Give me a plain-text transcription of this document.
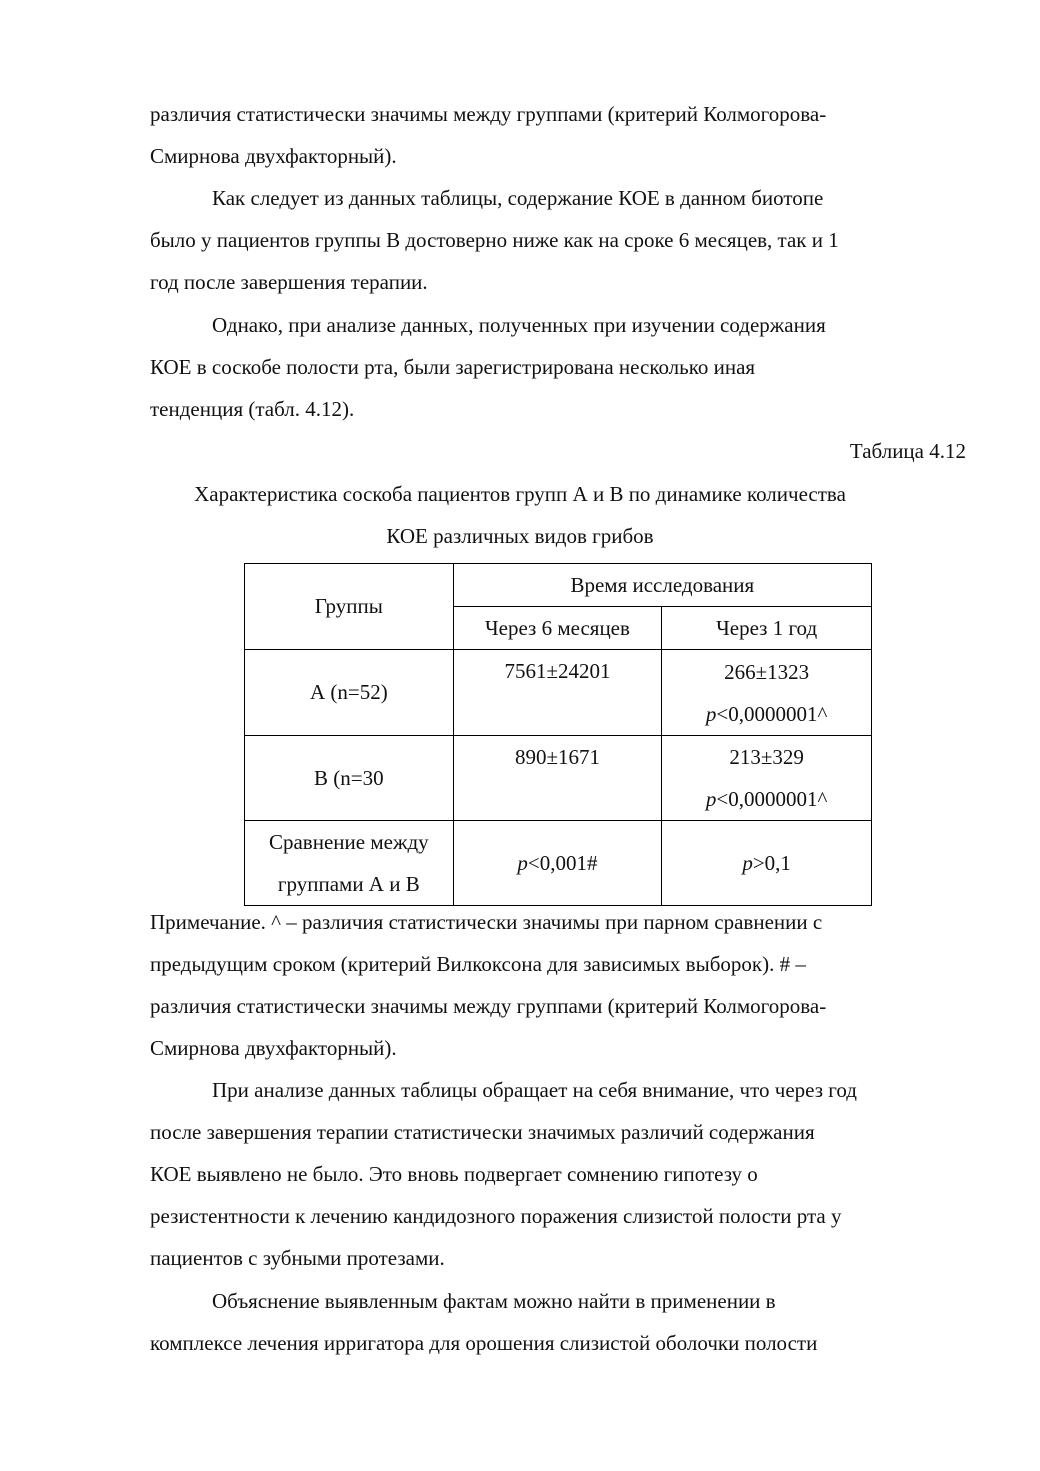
различия статистически значимы между группами (критерий Колмогорова-
Смирнова двухфакторный).
Как следует из данных таблицы, содержание КОЕ в данном биотопе
было у пациентов группы В достоверно ниже как на сроке 6 месяцев, так и 1
год после завершения терапии.
Однако, при анализе данных, полученных при изучении содержания
КОЕ в соскобе полости рта, были зарегистрирована несколько иная
тенденция (табл. 4.12).
Таблица 4.12
Характеристика соскоба пациентов групп А и В по динамике количества
КОЕ различных видов грибов
Группы	Время исследования	
	Через 6 месяцев	Через 1 год
А (n=52)	7561±24201	266±1323
p<0,0000001^

В (n=30	890±1671	213±329
p<0,0000001^

Сравнение между
группами А и В	p<0,001#	p>0,1
Примечание. ^ – различия статистически значимы при парном сравнении с
предыдущим сроком (критерий Вилкоксона для зависимых выборок). # –
различия статистически значимы между группами (критерий Колмогорова-
Смирнова двухфакторный).
При анализе данных таблицы обращает на себя внимание, что через год
после завершения терапии статистически значимых различий содержания
КОЕ выявлено не было. Это вновь подвергает сомнению гипотезу о
резистентности к лечению кандидозного поражения слизистой полости рта у
пациентов с зубными протезами.
Объяснение выявленным фактам можно найти в применении в
комплексе лечения ирригатора для орошения слизистой оболочки полости
